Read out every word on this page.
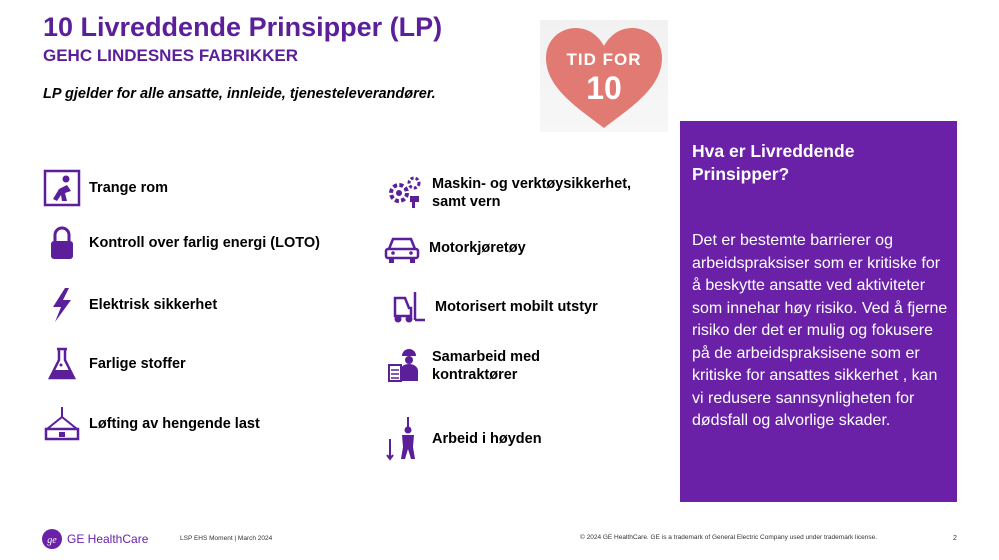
10 Livreddende Prinsipper (LP)
GEHC LINDESNES FABRIKKER
LP gjelder for alle ansatte, innleide, tjenesteleverandører.
TID FOR
10
Trange rom
Kontroll over farlig energi (LOTO)
Elektrisk sikkerhet
Farlige stoffer
Løfting av hengende last
Maskin- og verktøysikkerhet,
samt vern
Motorkjøretøy
Motorisert mobilt utstyr
Samarbeid med
kontraktører
Arbeid i høyden
Hva er Livreddende Prinsipper?
Det er bestemte barrierer og arbeidspraksiser som er kritiske for å beskytte ansatte ved aktiviteter som innehar høy risiko. Ved å fjerne risiko der det er mulig og fokusere på de arbeidspraksisene som er kritiske for ansattes sikkerhet , kan vi redusere sannsynligheten for dødsfall og alvorlige skader.
ge GE HealthCare	LSP EHS Moment | March 2024	© 2024 GE HealthCare. GE is a trademark of General Electric Company used under trademark license.	2
